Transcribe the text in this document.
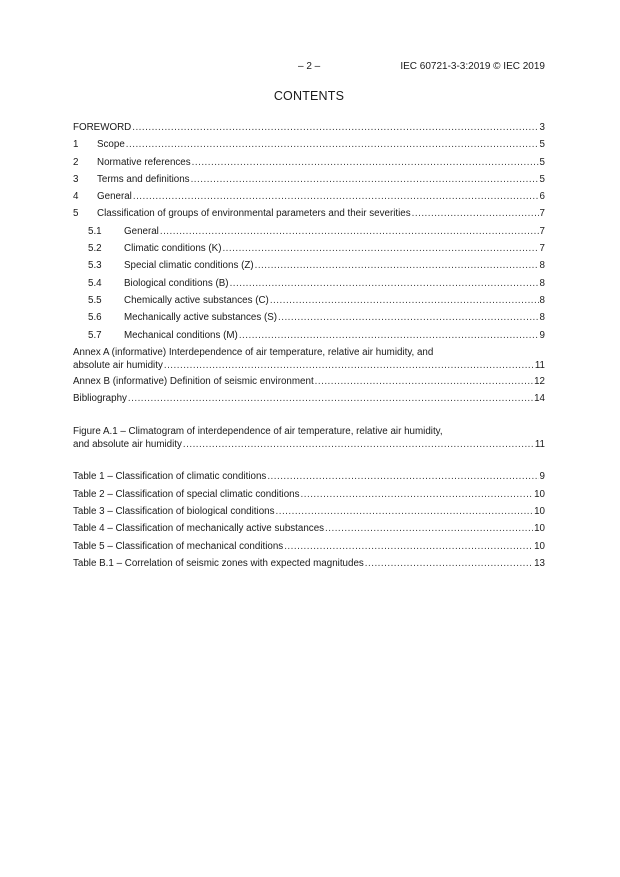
– 2 –	IEC 60721-3-3:2019 © IEC 2019
CONTENTS
FOREWORD .....	3
1	Scope .....	5
2	Normative references .....	5
3	Terms and definitions .....	5
4	General .....	6
5	Classification of groups of environmental parameters and their severities .....	7
5.1	General .....	7
5.2	Climatic conditions (K) .....	7
5.3	Special climatic conditions (Z) .....	8
5.4	Biological conditions (B) .....	8
5.5	Chemically active substances (C) .....	8
5.6	Mechanically active substances (S) .....	8
5.7	Mechanical conditions (M) .....	9
Annex A (informative) Interdependence of air temperature, relative air humidity, and
absolute air humidity .....	11
Annex B (informative) Definition of seismic environment .....	12
Bibliography .....	14
Figure A.1 – Climatogram of interdependence of air temperature, relative air humidity,
and absolute air humidity .....	11
Table 1 – Classification of climatic conditions .....	9
Table 2 – Classification of special climatic conditions .....	10
Table 3 – Classification of biological conditions .....	10
Table 4 – Classification of mechanically active substances .....	10
Table 5 – Classification of mechanical conditions .....	10
Table B.1 – Correlation of seismic zones with expected magnitudes .....	13
